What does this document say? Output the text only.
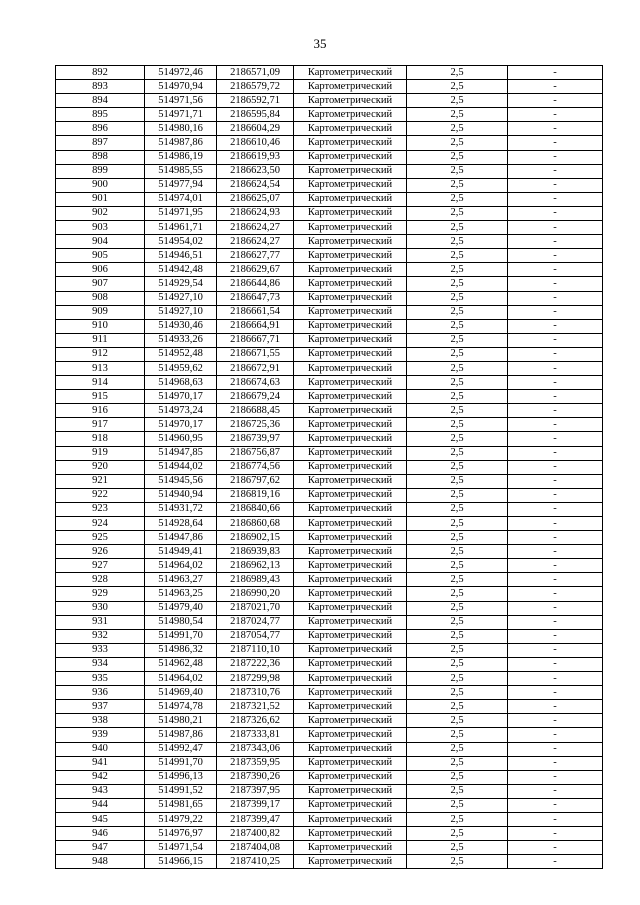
35
892	514972,46	2186571,09	Картометрический	2,5	-
893	514970,94	2186579,72	Картометрический	2,5	-
894	514971,56	2186592,71	Картометрический	2,5	-
895	514971,71	2186595,84	Картометрический	2,5	-
896	514980,16	2186604,29	Картометрический	2,5	-
897	514987,86	2186610,46	Картометрический	2,5	-
898	514986,19	2186619,93	Картометрический	2,5	-
899	514985,55	2186623,50	Картометрический	2,5	-
900	514977,94	2186624,54	Картометрический	2,5	-
901	514974,01	2186625,07	Картометрический	2,5	-
902	514971,95	2186624,93	Картометрический	2,5	-
903	514961,71	2186624,27	Картометрический	2,5	-
904	514954,02	2186624,27	Картометрический	2,5	-
905	514946,51	2186627,77	Картометрический	2,5	-
906	514942,48	2186629,67	Картометрический	2,5	-
907	514929,54	2186644,86	Картометрический	2,5	-
908	514927,10	2186647,73	Картометрический	2,5	-
909	514927,10	2186661,54	Картометрический	2,5	-
910	514930,46	2186664,91	Картометрический	2,5	-
911	514933,26	2186667,71	Картометрический	2,5	-
912	514952,48	2186671,55	Картометрический	2,5	-
913	514959,62	2186672,91	Картометрический	2,5	-
914	514968,63	2186674,63	Картометрический	2,5	-
915	514970,17	2186679,24	Картометрический	2,5	-
916	514973,24	2186688,45	Картометрический	2,5	-
917	514970,17	2186725,36	Картометрический	2,5	-
918	514960,95	2186739,97	Картометрический	2,5	-
919	514947,85	2186756,87	Картометрический	2,5	-
920	514944,02	2186774,56	Картометрический	2,5	-
921	514945,56	2186797,62	Картометрический	2,5	-
922	514940,94	2186819,16	Картометрический	2,5	-
923	514931,72	2186840,66	Картометрический	2,5	-
924	514928,64	2186860,68	Картометрический	2,5	-
925	514947,86	2186902,15	Картометрический	2,5	-
926	514949,41	2186939,83	Картометрический	2,5	-
927	514964,02	2186962,13	Картометрический	2,5	-
928	514963,27	2186989,43	Картометрический	2,5	-
929	514963,25	2186990,20	Картометрический	2,5	-
930	514979,40	2187021,70	Картометрический	2,5	-
931	514980,54	2187024,77	Картометрический	2,5	-
932	514991,70	2187054,77	Картометрический	2,5	-
933	514986,32	2187110,10	Картометрический	2,5	-
934	514962,48	2187222,36	Картометрический	2,5	-
935	514964,02	2187299,98	Картометрический	2,5	-
936	514969,40	2187310,76	Картометрический	2,5	-
937	514974,78	2187321,52	Картометрический	2,5	-
938	514980,21	2187326,62	Картометрический	2,5	-
939	514987,86	2187333,81	Картометрический	2,5	-
940	514992,47	2187343,06	Картометрический	2,5	-
941	514991,70	2187359,95	Картометрический	2,5	-
942	514996,13	2187390,26	Картометрический	2,5	-
943	514991,52	2187397,95	Картометрический	2,5	-
944	514981,65	2187399,17	Картометрический	2,5	-
945	514979,22	2187399,47	Картометрический	2,5	-
946	514976,97	2187400,82	Картометрический	2,5	-
947	514971,54	2187404,08	Картометрический	2,5	-
948	514966,15	2187410,25	Картометрический	2,5	-
